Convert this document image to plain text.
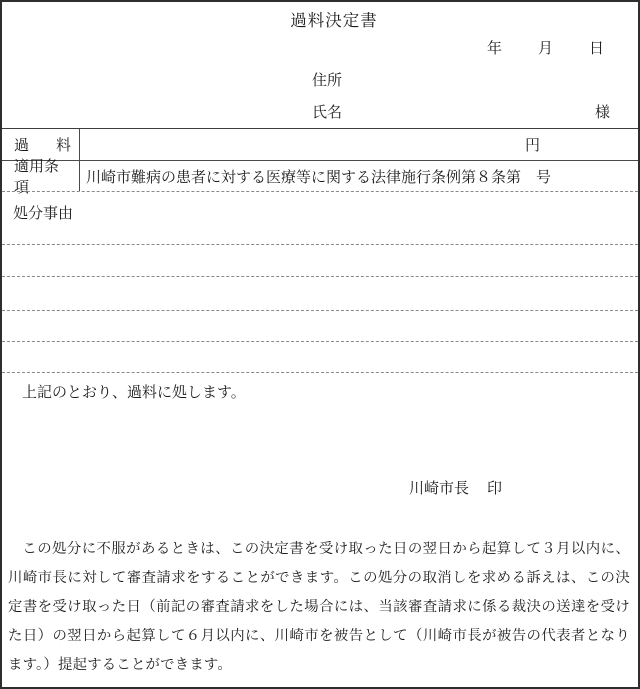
過料決定書
年 月 日
住所
氏名	様
過 料	円
適用条項
川崎市難病の患者に対する医療等に関する法律施行条例第８条第　号
処分事由
上記のとおり、過料に処します。
川崎市長 印
この処分に不服があるときは、この決定書を受け取った日の翌日から起算して３月以内に、川崎市長に対して審査請求をすることができます。この処分の取消しを求める訴えは、この決定書を受け取った日（前記の審査請求をした場合には、当該審査請求に係る裁決の送達を受けた日）の翌日から起算して６月以内に、川崎市を被告として（川崎市長が被告の代表者となります。）提起することができます。
